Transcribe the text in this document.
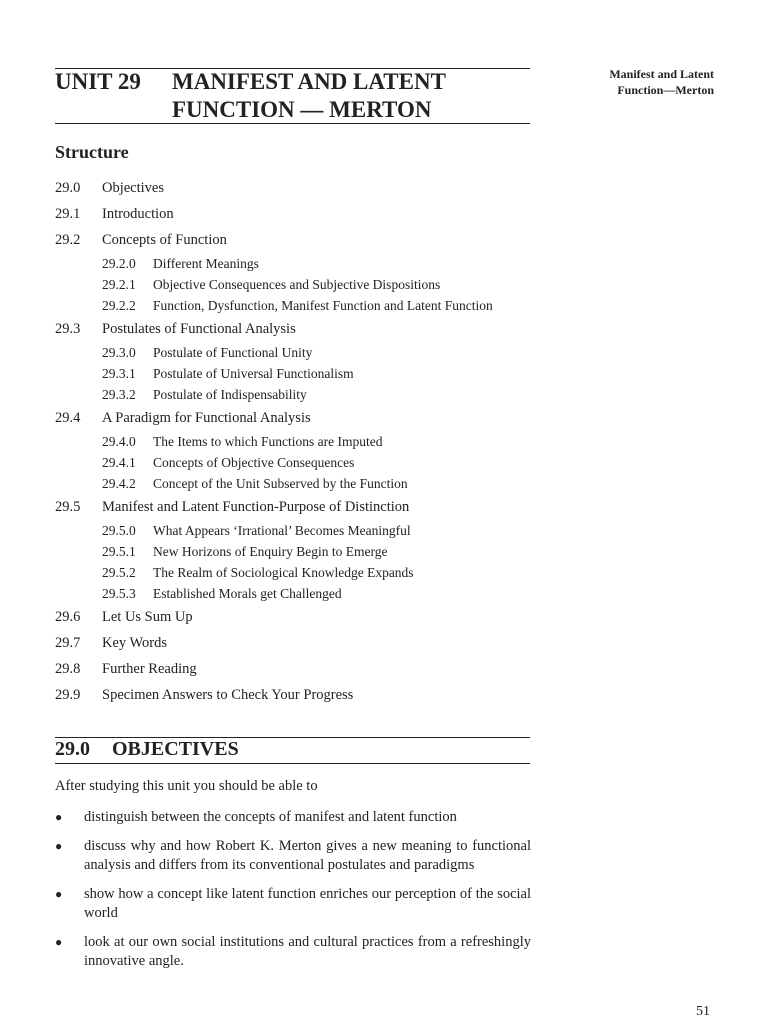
Manifest and Latent
Function—Merton
UNIT 29 MANIFEST AND LATENT
FUNCTION — MERTON
Structure
29.0	Objectives
29.1	Introduction
29.2	Concepts of Function
29.2.0	Different Meanings
29.2.1	Objective Consequences and Subjective Dispositions
29.2.2	Function, Dysfunction, Manifest Function and Latent Function
29.3	Postulates of Functional Analysis
29.3.0	Postulate of Functional Unity
29.3.1	Postulate of Universal Functionalism
29.3.2	Postulate of Indispensability
29.4	A Paradigm for Functional Analysis
29.4.0	The Items to which Functions are Imputed
29.4.1	Concepts of Objective Consequences
29.4.2	Concept of the Unit Subserved by the Function
29.5	Manifest and Latent Function-Purpose of Distinction
29.5.0	What Appears ‘Irrational’ Becomes Meaningful
29.5.1	New Horizons of Enquiry Begin to Emerge
29.5.2	The Realm of Sociological Knowledge Expands
29.5.3	Established Morals get Challenged
29.6	Let Us Sum Up
29.7	Key Words
29.8	Further Reading
29.9	Specimen Answers to Check Your Progress
29.0 OBJECTIVES
After studying this unit you should be able to
●	distinguish between the concepts of manifest and latent function
●	discuss why and how Robert K. Merton gives a new meaning to functional analysis and differs from its conventional postulates and paradigms
●	show how a concept like latent function enriches our perception of the social world
●	look at our own social institutions and cultural practices from a refreshingly innovative angle.
51
